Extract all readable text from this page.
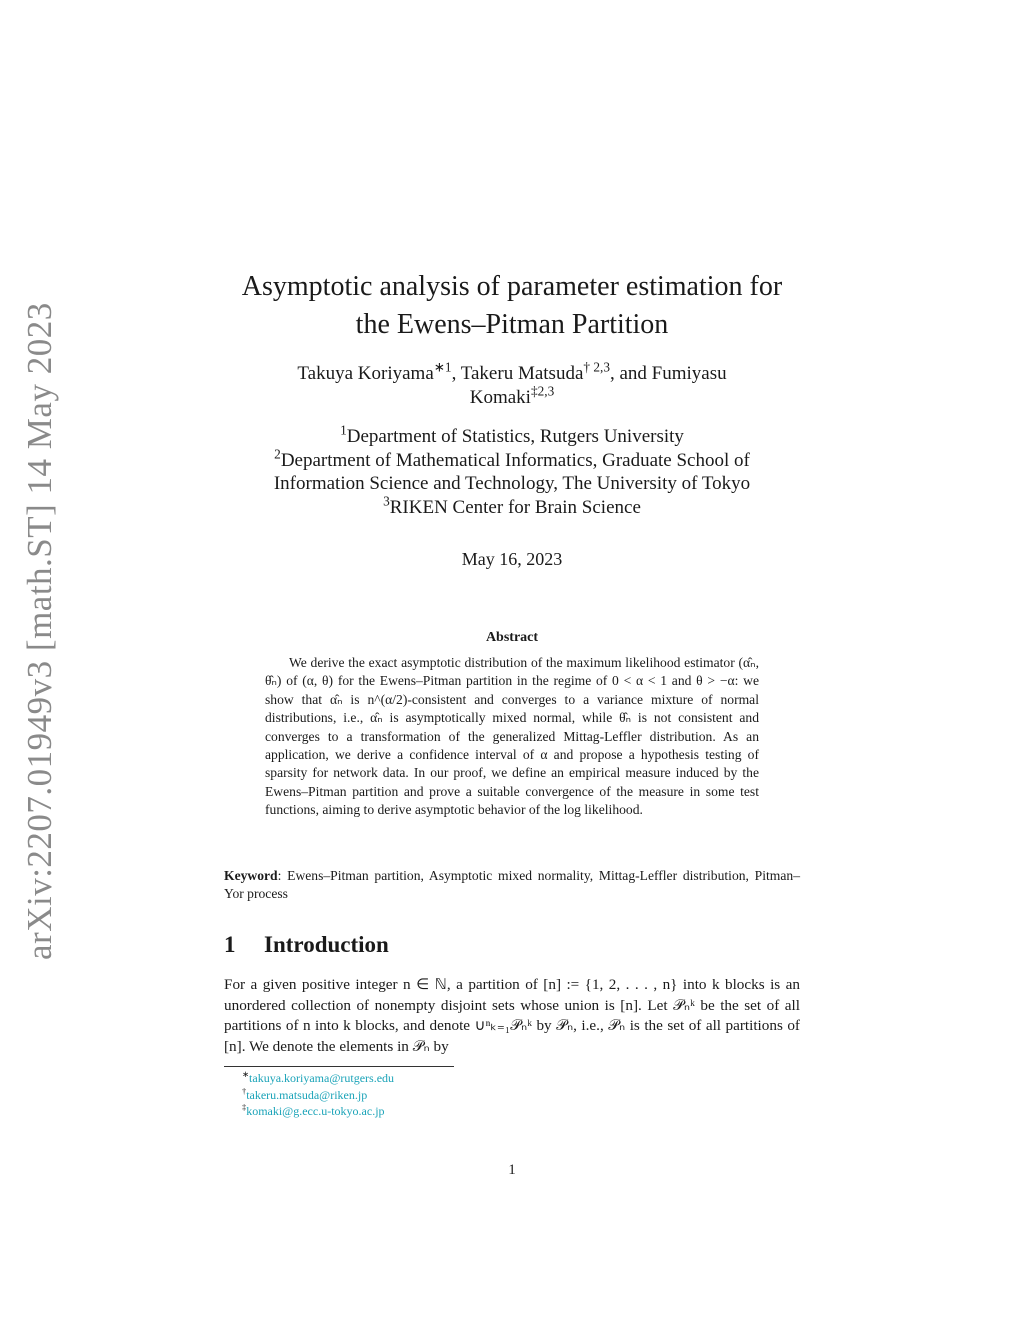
arXiv:2207.01949v3 [math.ST] 14 May 2023
Asymptotic analysis of parameter estimation for
the Ewens–Pitman Partition
Takuya Koriyama$^{∗1}$, Takeru Matsuda$^{\dagger 2,3}$, and Fumiyasu
Komaki$^{\ddagger 2,3}$
$^1$Department of Statistics, Rutgers University
$^2$Department of Mathematical Informatics, Graduate School of
Information Science and Technology, The University of Tokyo
$^3$RIKEN Center for Brain Science
May 16, 2023
Abstract
We derive the exact asymptotic distribution of the maximum likelihood estimator (α̂ₙ, θ̂ₙ) of (α, θ) for the Ewens–Pitman partition in the regime of 0 < α < 1 and θ > −α: we show that α̂ₙ is n^(α/2)-consistent and converges to a variance mixture of normal distributions, i.e., α̂ₙ is asymptotically mixed normal, while θ̂ₙ is not consistent and converges to a transformation of the generalized Mittag-Leffler distribution. As an application, we derive a confidence interval of α and propose a hypothesis testing of sparsity for network data. In our proof, we define an empirical measure induced by the Ewens–Pitman partition and prove a suitable convergence of the measure in some test functions, aiming to derive asymptotic behavior of the log likelihood.
Keyword: Ewens–Pitman partition, Asymptotic mixed normality, Mittag-Leffler distribution, Pitman–Yor process
1 Introduction
For a given positive integer n ∈ ℕ, a partition of [n] := {1, 2, . . . , n} into k blocks is an unordered collection of nonempty disjoint sets whose union is [n]. Let 𝒫ₙᵏ be the set of all partitions of n into k blocks, and denote ∪ⁿₖ₌₁𝒫ₙᵏ by 𝒫ₙ, i.e., 𝒫ₙ is the set of all partitions of [n]. We denote the elements in 𝒫ₙ by
∗takuya.koriyama@rutgers.edu
†takeru.matsuda@riken.jp
‡komaki@g.ecc.u-tokyo.ac.jp
1
